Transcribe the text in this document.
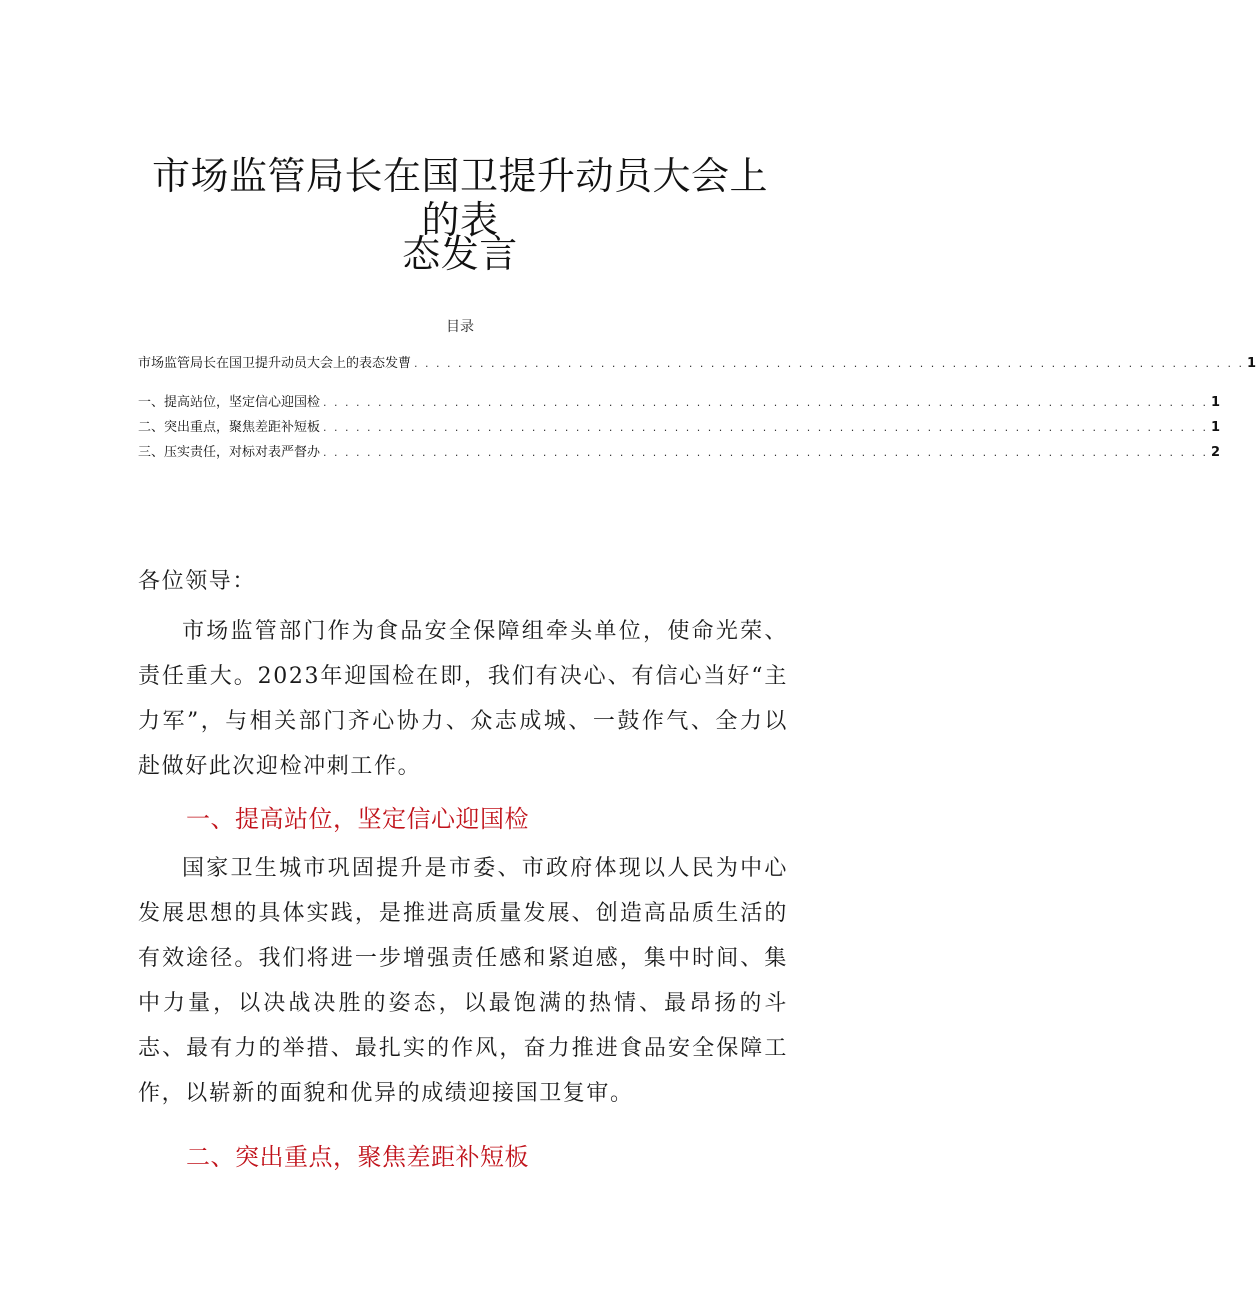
市场监管局长在国卫提升动员大会上的表
态发言
目录
市场监管局长在国卫提升动员大会上的表态发曹 . . . . . . . . . . . . . . . . . . . . . . . . . . . . . . . . . . . . . . . . . . . . . . . . . . . . . . . . . . . . . . . . . . . . . . . . . . . . 1
一、提高站位，坚定信心迎国检 . . . . . . . . . . . . . . . . . . . . . . . . . . . . . . . . . . . . . . . . . . . . . . . . . . . . . . . . . . . . . . . . . . . . . . . . . . . . . . . . . 1
二、突出重点，聚焦差距补短板 . . . . . . . . . . . . . . . . . . . . . . . . . . . . . . . . . . . . . . . . . . . . . . . . . . . . . . . . . . . . . . . . . . . . . . . . . . . . . . . . . 1
三、压实责任，对标对表严督办 . . . . . . . . . . . . . . . . . . . . . . . . . . . . . . . . . . . . . . . . . . . . . . . . . . . . . . . . . . . . . . . . . . . . . . . . . . . . . . . . . 2

各位领导：

市场监管部门作为食品安全保障组牵头单位，使命光荣、责任重大。2023年迎国检在即，我们有决心、有信心当好“主力军”，与相关部门齐心协力、众志成城、一鼓作气、全力以赴做好此次迎检冲刺工作。

一、提高站位，坚定信心迎国检

国家卫生城市巩固提升是市委、市政府体现以人民为中心发展思想的具体实践，是推进高质量发展、创造高品质生活的有效途径。我们将进一步增强责任感和紧迫感，集中时间、集中力量，以决战决胜的姿态，以最饱满的热情、最昂扬的斗志、最有力的举措、最扎实的作风，奋力推进食品安全保障工作，以崭新的面貌和优异的成绩迎接国卫复审。

二、突出重点，聚焦差距补短板
